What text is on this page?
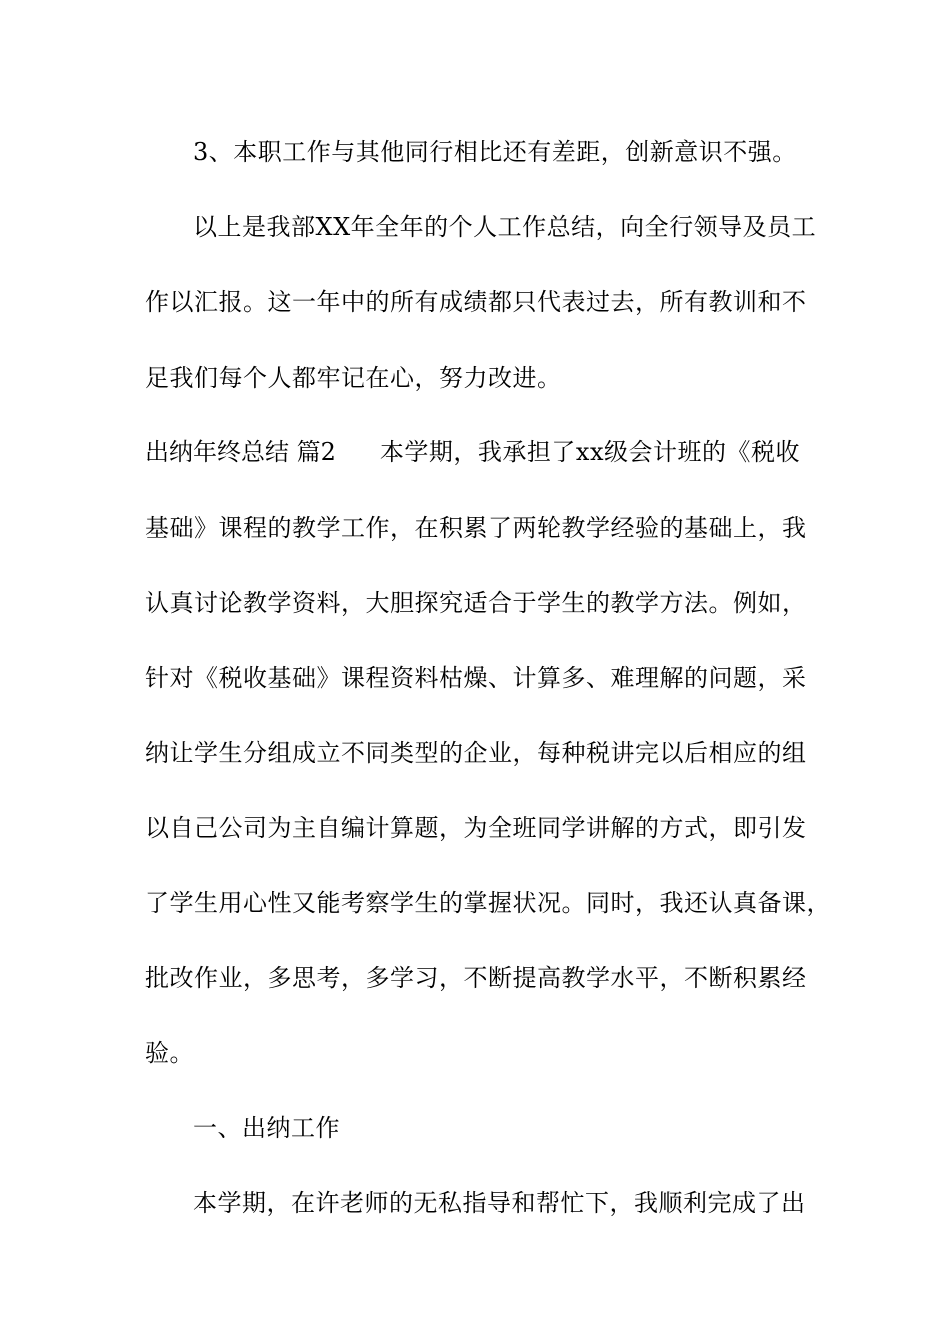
3、本职工作与其他同行相比还有差距，创新意识不强。
以上是我部XX年全年的个人工作总结，向全行领导及员工
作以汇报。这一年中的所有成绩都只代表过去，所有教训和不
足我们每个人都牢记在心，努力改进。
出纳年终总结 篇2 本学期，我承担了xx级会计班的《税收
基础》课程的教学工作，在积累了两轮教学经验的基础上，我
认真讨论教学资料，大胆探究适合于学生的教学方法。例如，
针对《税收基础》课程资料枯燥、计算多、难理解的问题，采
纳让学生分组成立不同类型的企业，每种税讲完以后相应的组
以自己公司为主自编计算题，为全班同学讲解的方式，即引发
了学生用心性又能考察学生的掌握状况。同时，我还认真备课，
批改作业，多思考，多学习，不断提高教学水平，不断积累经
验。
一、出纳工作
本学期，在许老师的无私指导和帮忙下，我顺利完成了出
